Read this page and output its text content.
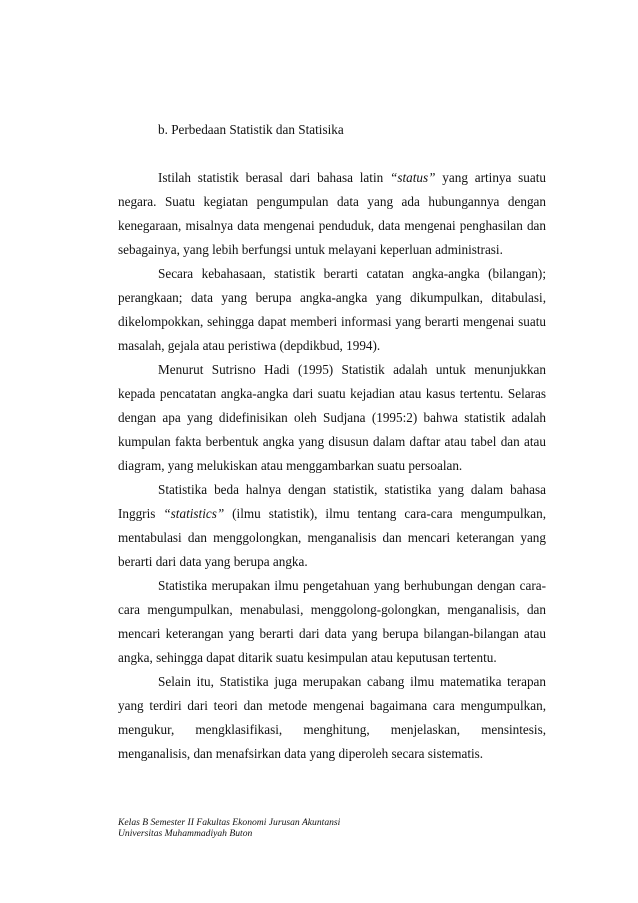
b. Perbedaan Statistik dan Statisika

Istilah statistik berasal dari bahasa latin “status” yang artinya suatu negara. Suatu kegiatan pengumpulan data yang ada hubungannya dengan kenegaraan, misalnya data mengenai penduduk, data mengenai penghasilan dan sebagainya, yang lebih berfungsi untuk melayani keperluan administrasi.

Secara kebahasaan, statistik berarti catatan angka-angka (bilangan); perangkaan; data yang berupa angka-angka yang dikumpulkan, ditabulasi, dikelompokkan, sehingga dapat memberi informasi yang berarti mengenai suatu masalah, gejala atau peristiwa (depdikbud, 1994).

Menurut Sutrisno Hadi (1995) Statistik adalah untuk menunjukkan kepada pencatatan angka-angka dari suatu kejadian atau kasus tertentu. Selaras dengan apa yang didefinisikan oleh Sudjana (1995:2) bahwa statistik adalah kumpulan fakta berbentuk angka yang disusun dalam daftar atau tabel dan atau diagram, yang melukiskan atau menggambarkan suatu persoalan.

Statistika beda halnya dengan statistik, statistika yang dalam bahasa Inggris “statistics” (ilmu statistik), ilmu tentang cara-cara mengumpulkan, mentabulasi dan menggolongkan, menganalisis dan mencari keterangan yang berarti dari data yang berupa angka.

Statistika merupakan ilmu pengetahuan yang berhubungan dengan cara-cara mengumpulkan, menabulasi, menggolong-golongkan, menganalisis, dan mencari keterangan yang berarti dari data yang berupa bilangan-bilangan atau angka, sehingga dapat ditarik suatu kesimpulan atau keputusan tertentu.

Selain itu, Statistika juga merupakan cabang ilmu matematika terapan yang terdiri dari teori dan metode mengenai bagaimana cara mengumpulkan, mengukur, mengklasifikasi, menghitung, menjelaskan, mensintesis, menganalisis, dan menafsirkan data yang diperoleh secara sistematis.

Kelas B Semester II Fakultas Ekonomi Jurusan Akuntansi
Universitas Muhammadiyah Buton
